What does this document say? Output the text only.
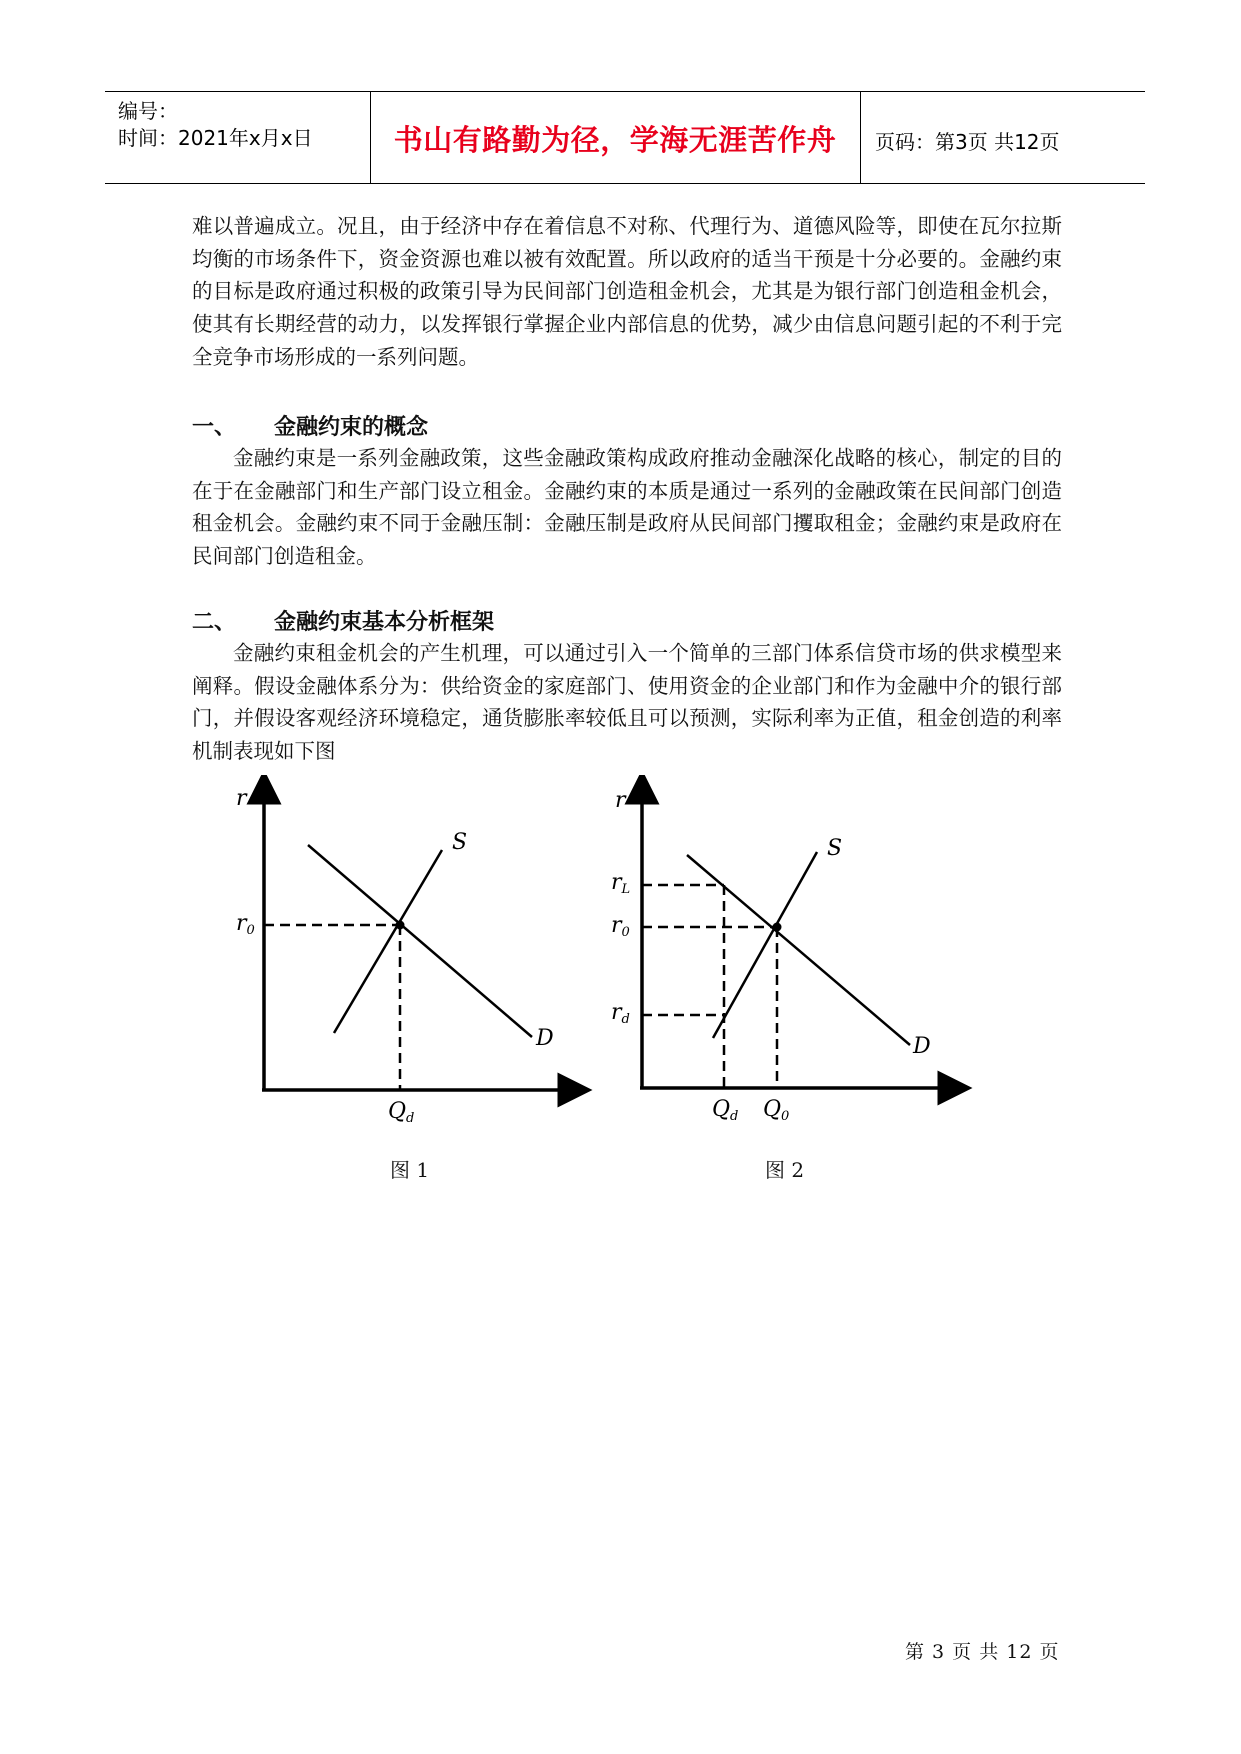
编号：
时间：2021年x月x日	书山有路勤为径，学海无涯苦作舟	页码：第3页 共12页

难以普遍成立。况且，由于经济中存在着信息不对称、代理行为、道德风险等，即使在瓦尔拉斯均衡的市场条件下，资金资源也难以被有效配置。所以政府的适当干预是十分必要的。金融约束的目标是政府通过积极的政策引导为民间部门创造租金机会，尤其是为银行部门创造租金机会，使其有长期经营的动力，以发挥银行掌握企业内部信息的优势，减少由信息问题引起的不利于完全竞争市场形成的一系列问题。

一、 金融约束的概念

金融约束是一系列金融政策，这些金融政策构成政府推动金融深化战略的核心，制定的目的在于在金融部门和生产部门设立租金。金融约束的本质是通过一系列的金融政策在民间部门创造租金机会。金融约束不同于金融压制：金融压制是政府从民间部门攫取租金；金融约束是政府在民间部门创造租金。

二、 金融约束基本分析框架

金融约束租金机会的产生机理，可以通过引入一个简单的三部门体系信贷市场的供求模型来阐释。假设金融体系分为：供给资金的家庭部门、使用资金的企业部门和作为金融中介的银行部门，并假设客观经济环境稳定，通货膨胀率较低且可以预测，实际利率为正值，租金创造的利率机制表现如下图

r
S
D
r0
Qd
图 1
r
S
D
rL
r0
rd
Qd Q0
图 2
第 3 页 共 12 页
